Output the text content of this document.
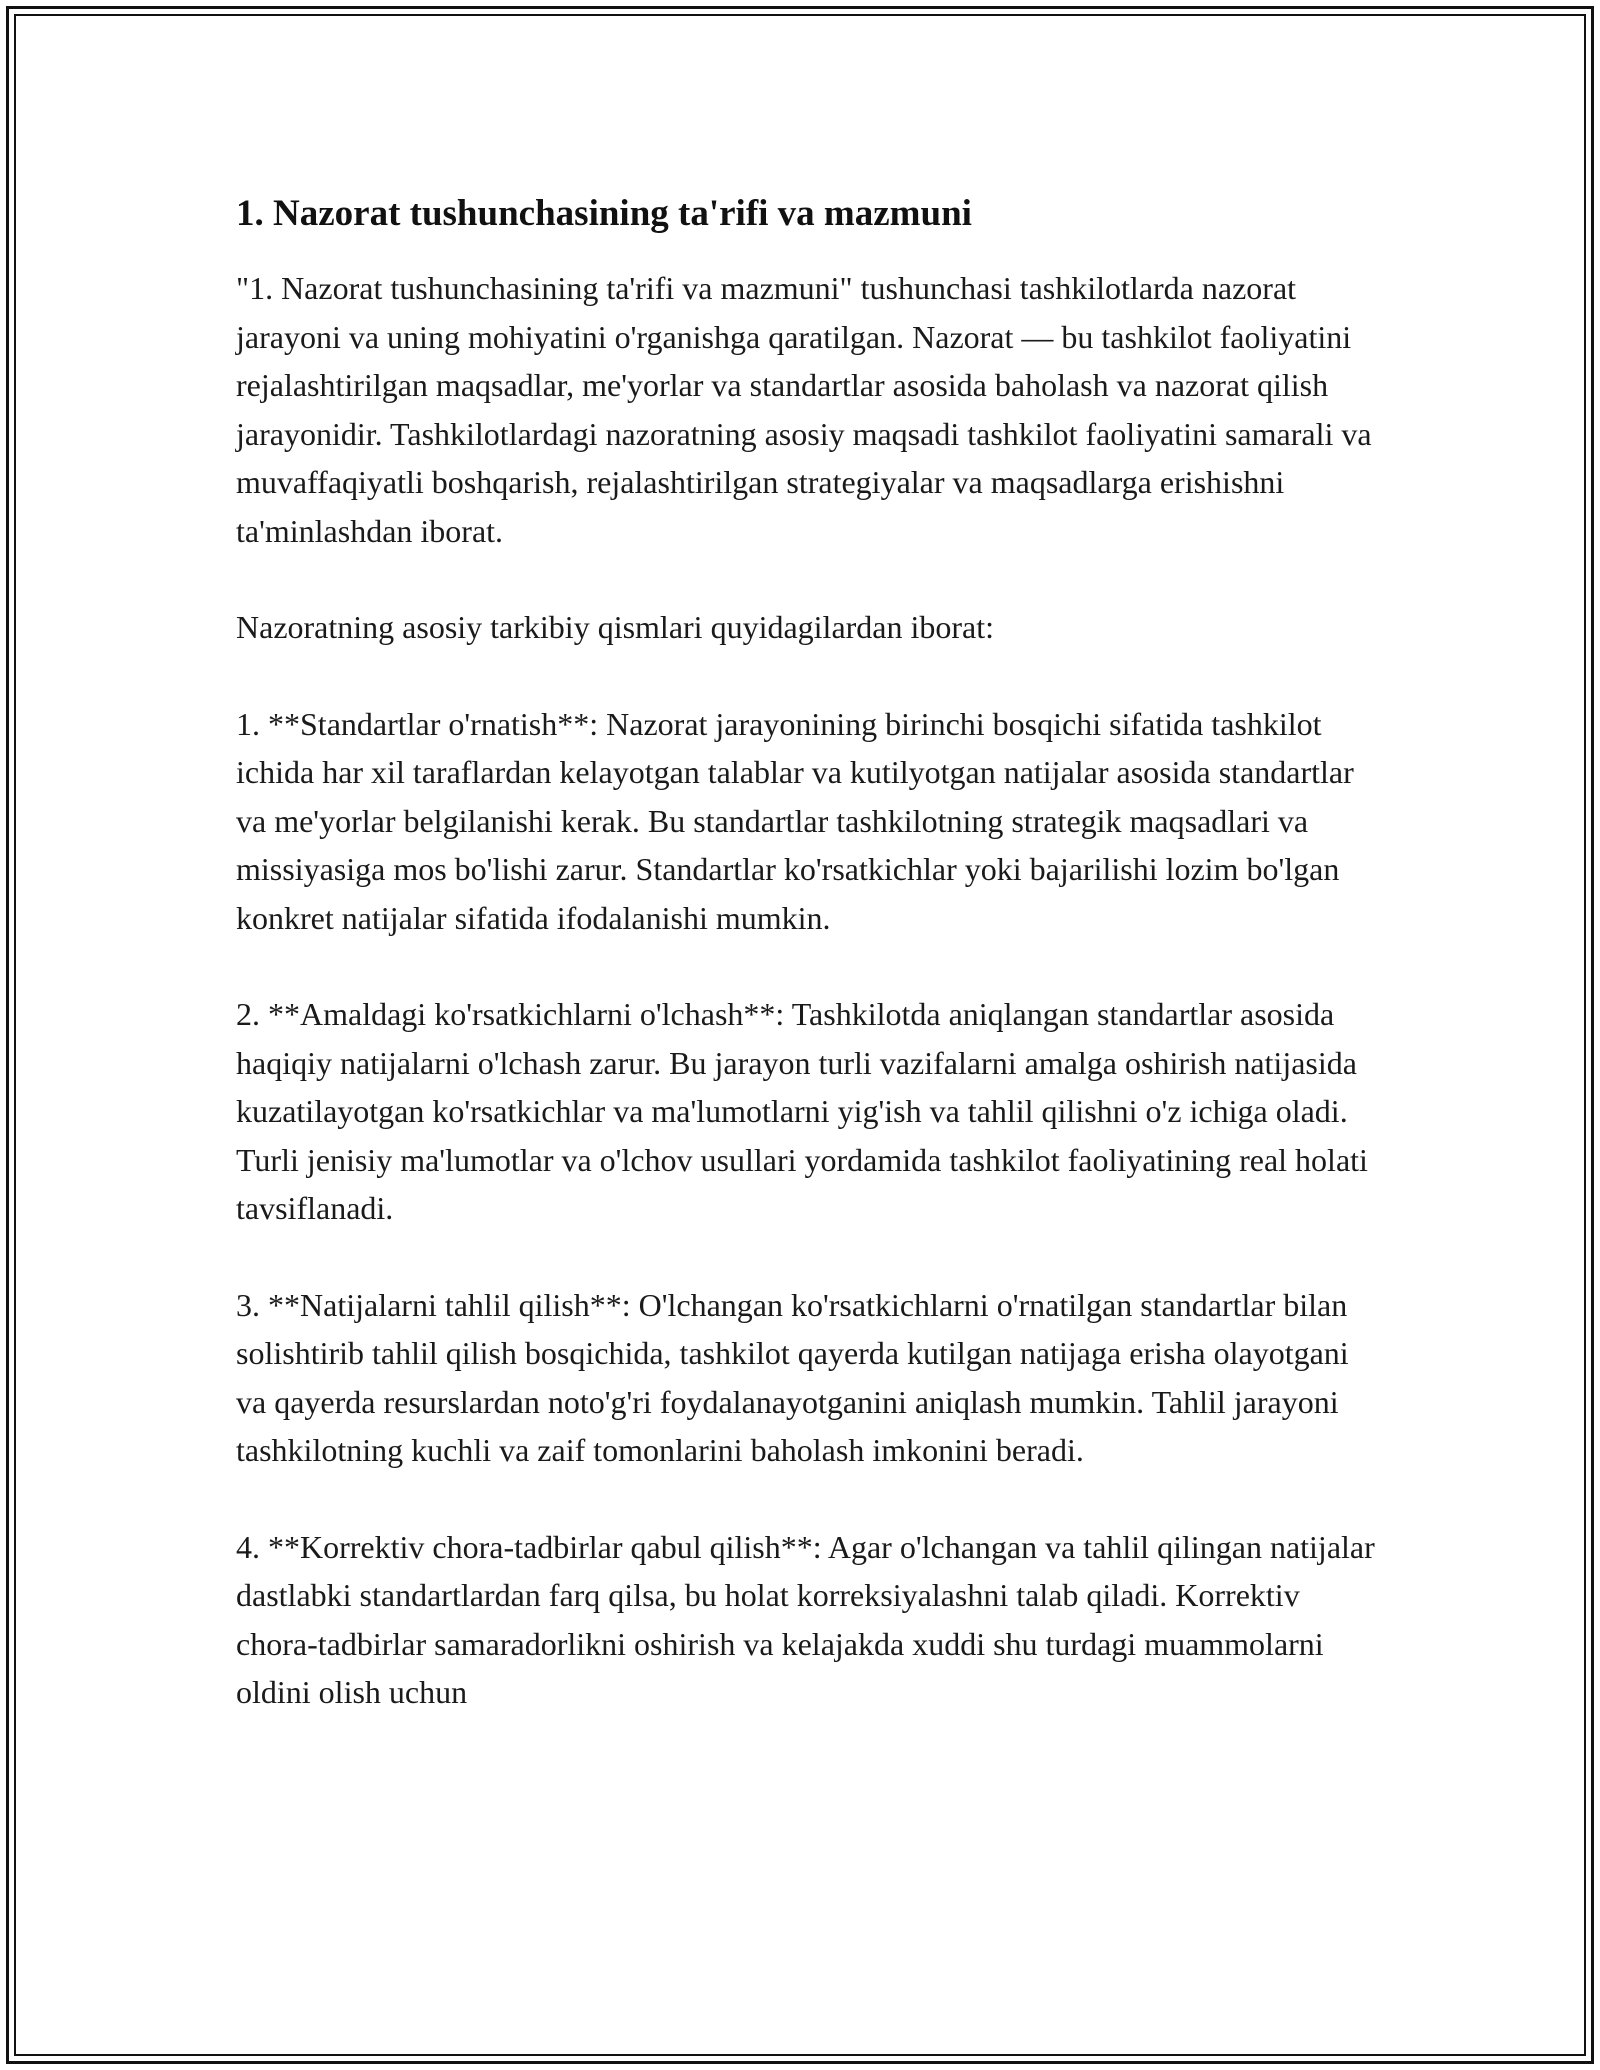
1. Nazorat tushunchasining ta'rifi va mazmuni

"1. Nazorat tushunchasining ta'rifi va mazmuni" tushunchasi tashkilotlarda nazorat jarayoni va uning mohiyatini o'rganishga qaratilgan. Nazorat — bu tashkilot faoliyatini rejalashtirilgan maqsadlar, me'yorlar va standartlar asosida baholash va nazorat qilish jarayonidir. Tashkilotlardagi nazoratning asosiy maqsadi tashkilot faoliyatini samarali va muvaffaqiyatli boshqarish, rejalashtirilgan strategiyalar va maqsadlarga erishishni ta'minlashdan iborat.

Nazoratning asosiy tarkibiy qismlari quyidagilardan iborat:

1. **Standartlar o'rnatish**: Nazorat jarayonining birinchi bosqichi sifatida tashkilot ichida har xil taraflardan kelayotgan talablar va kutilyotgan natijalar asosida standartlar va me'yorlar belgilanishi kerak. Bu standartlar tashkilotning strategik maqsadlari va missiyasiga mos bo'lishi zarur. Standartlar ko'rsatkichlar yoki bajarilishi lozim bo'lgan konkret natijalar sifatida ifodalanishi mumkin.

2. **Amaldagi ko'rsatkichlarni o'lchash**: Tashkilotda aniqlangan standartlar asosida haqiqiy natijalarni o'lchash zarur. Bu jarayon turli vazifalarni amalga oshirish natijasida kuzatilayotgan ko'rsatkichlar va ma'lumotlarni yig'ish va tahlil qilishni o'z ichiga oladi. Turli jenisiy ma'lumotlar va o'lchov usullari yordamida tashkilot faoliyatining real holati tavsiflanadi.

3. **Natijalarni tahlil qilish**: O'lchangan ko'rsatkichlarni o'rnatilgan standartlar bilan solishtirib tahlil qilish bosqichida, tashkilot qayerda kutilgan natijaga erisha olayotgani va qayerda resurslardan noto'g'ri foydalanayotganini aniqlash mumkin. Tahlil jarayoni tashkilotning kuchli va zaif tomonlarini baholash imkonini beradi.

4. **Korrektiv chora-tadbirlar qabul qilish**: Agar o'lchangan va tahlil qilingan natijalar dastlabki standartlardan farq qilsa, bu holat korreksiyalashni talab qiladi. Korrektiv chora-tadbirlar samaradorlikni oshirish va kelajakda xuddi shu turdagi muammolarni oldini olish uchun
